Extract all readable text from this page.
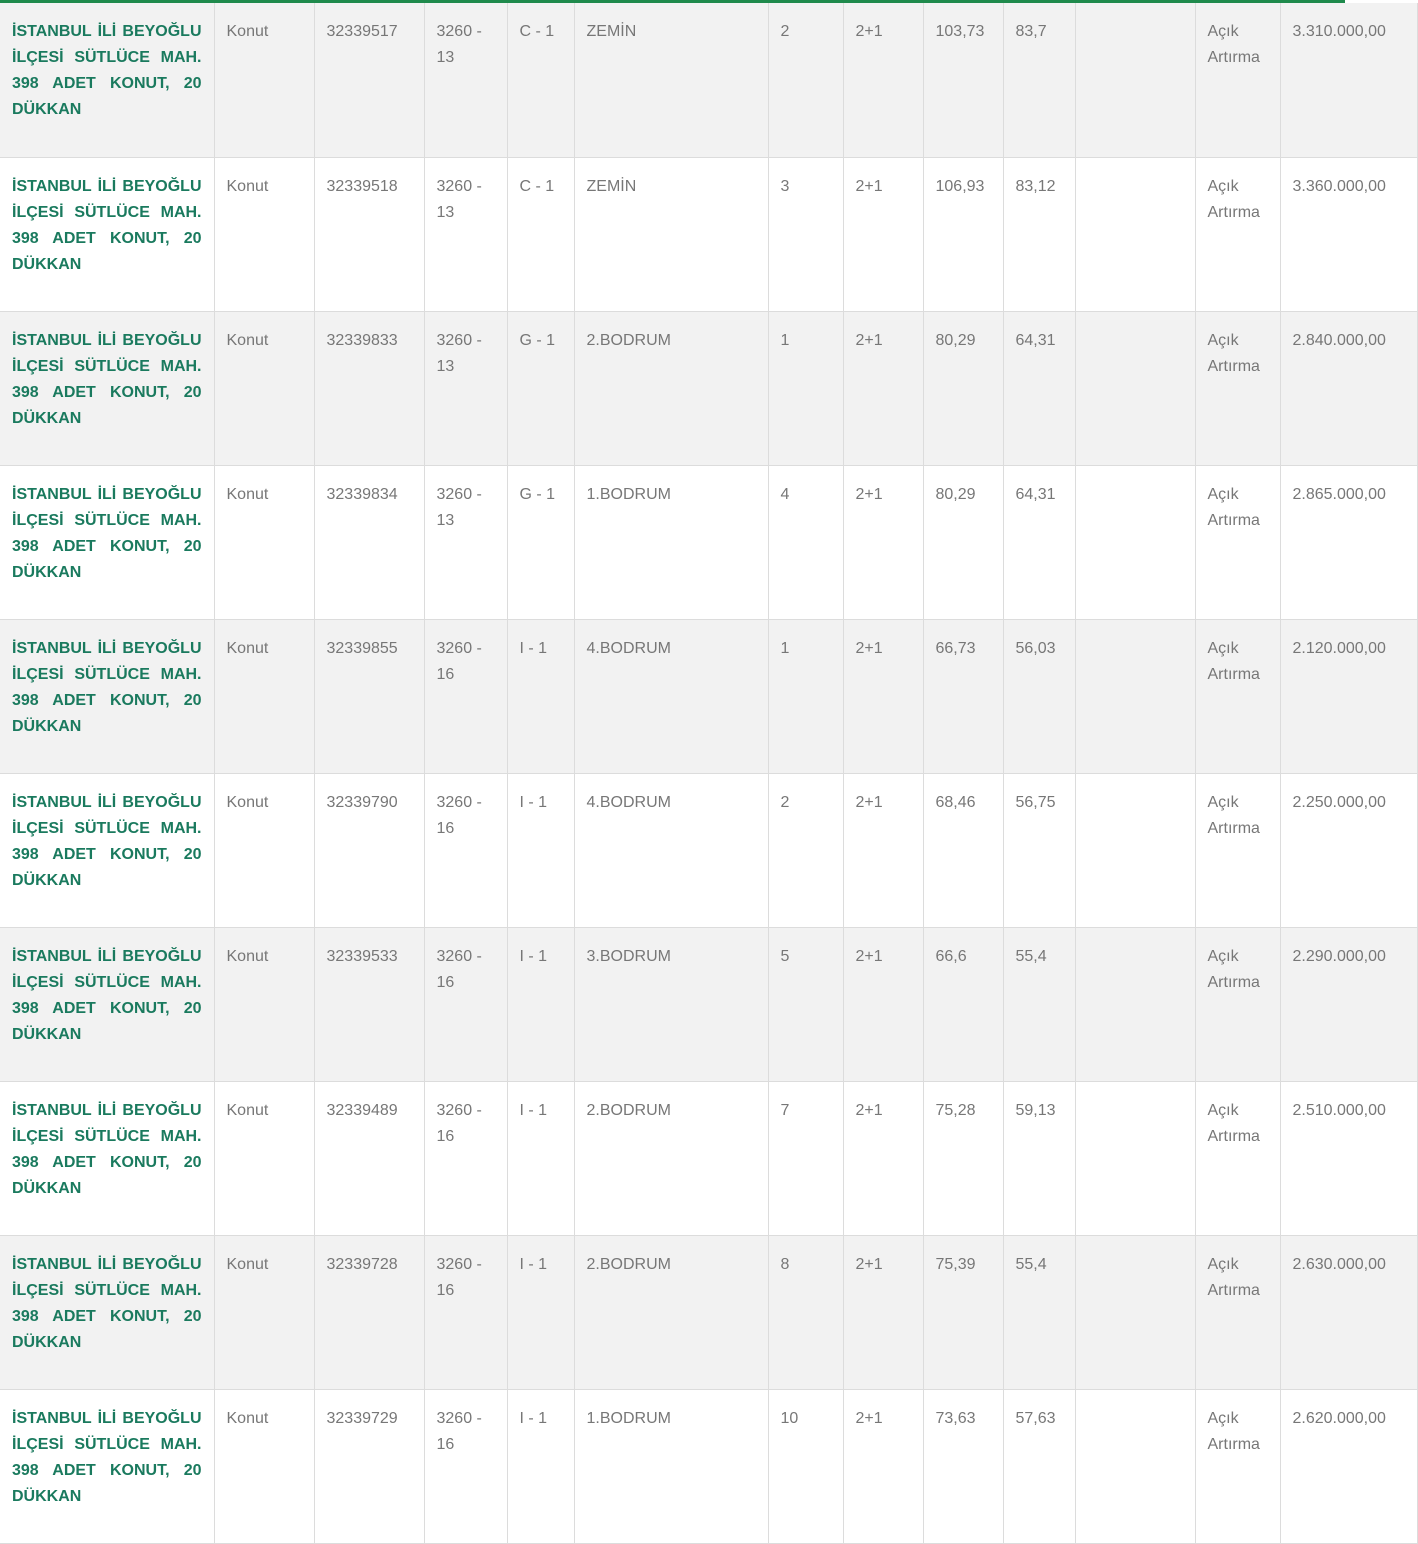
İSTANBUL İLİ BEYOĞLU İLÇESİ SÜTLÜCE MAH. 398 ADET KONUT, 20 DÜKKAN	Konut	32339517	3260 - 13	C - 1	ZEMİN	2	2+1	103,73	83,7		Açık Artırma	3.310.000,00
İSTANBUL İLİ BEYOĞLU İLÇESİ SÜTLÜCE MAH. 398 ADET KONUT, 20 DÜKKAN	Konut	32339518	3260 - 13	C - 1	ZEMİN	3	2+1	106,93	83,12		Açık Artırma	3.360.000,00
İSTANBUL İLİ BEYOĞLU İLÇESİ SÜTLÜCE MAH. 398 ADET KONUT, 20 DÜKKAN	Konut	32339833	3260 - 13	G - 1	2.BODRUM	1	2+1	80,29	64,31		Açık Artırma	2.840.000,00
İSTANBUL İLİ BEYOĞLU İLÇESİ SÜTLÜCE MAH. 398 ADET KONUT, 20 DÜKKAN	Konut	32339834	3260 - 13	G - 1	1.BODRUM	4	2+1	80,29	64,31		Açık Artırma	2.865.000,00
İSTANBUL İLİ BEYOĞLU İLÇESİ SÜTLÜCE MAH. 398 ADET KONUT, 20 DÜKKAN	Konut	32339855	3260 - 16	I - 1	4.BODRUM	1	2+1	66,73	56,03		Açık Artırma	2.120.000,00
İSTANBUL İLİ BEYOĞLU İLÇESİ SÜTLÜCE MAH. 398 ADET KONUT, 20 DÜKKAN	Konut	32339790	3260 - 16	I - 1	4.BODRUM	2	2+1	68,46	56,75		Açık Artırma	2.250.000,00
İSTANBUL İLİ BEYOĞLU İLÇESİ SÜTLÜCE MAH. 398 ADET KONUT, 20 DÜKKAN	Konut	32339533	3260 - 16	I - 1	3.BODRUM	5	2+1	66,6	55,4		Açık Artırma	2.290.000,00
İSTANBUL İLİ BEYOĞLU İLÇESİ SÜTLÜCE MAH. 398 ADET KONUT, 20 DÜKKAN	Konut	32339489	3260 - 16	I - 1	2.BODRUM	7	2+1	75,28	59,13		Açık Artırma	2.510.000,00
İSTANBUL İLİ BEYOĞLU İLÇESİ SÜTLÜCE MAH. 398 ADET KONUT, 20 DÜKKAN	Konut	32339728	3260 - 16	I - 1	2.BODRUM	8	2+1	75,39	55,4		Açık Artırma	2.630.000,00
İSTANBUL İLİ BEYOĞLU İLÇESİ SÜTLÜCE MAH. 398 ADET KONUT, 20 DÜKKAN	Konut	32339729	3260 - 16	I - 1	1.BODRUM	10	2+1	73,63	57,63		Açık Artırma	2.620.000,00
